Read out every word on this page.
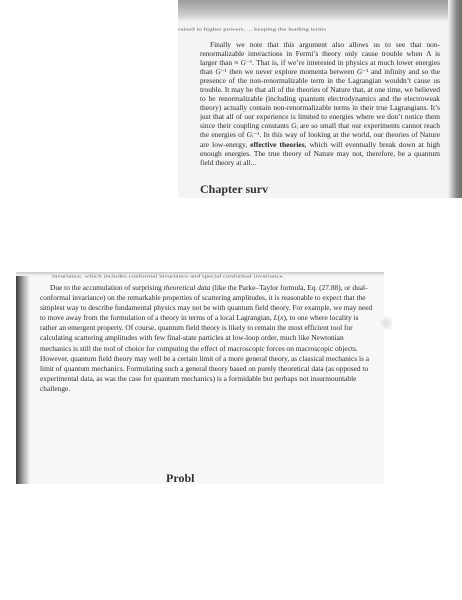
raised to higher powers, ... keeping the leading terms

Finally we note that this argument also allows us to see that non-renormalizable interactions in Fermi’s theory only cause trouble when Λ is larger than ≈ G⁻¹. That is, if we’re interested in physics at much lower energies than G⁻¹ then we never explore momenta between G⁻¹ and infinity and so the presence of the non-renormalizable term in the Lagrangian wouldn’t cause us trouble. It may be that all of the theories of Nature that, at one time, we believed to be renormalizable (including quantum electrodynamics and the electroweak theory) actually contain non-renormalizable terms in their true Lagrangians. It’s just that all of our experience is limited to energies where we don’t notice them since their coupling constants Gᵢ are so small that our experiments cannot reach the energies of Gᵢ⁻¹. In this way of looking at the world, our theories of Nature are low-energy, effective theories, which will eventually break down at high enough energies. The true theory of Nature may not, therefore, be a quantum field theory at all...

Chapter surv
invariance, which includes conformal invariance and special conformal invariance.

Due to the accumulation of surprising theoretical data (like the Parke–Taylor formula, Eq. (27.88), or dual-conformal invariance) on the remarkable properties of scattering amplitudes, it is reasonable to expect that the simplest way to describe fundamental physics may not be with quantum field theory. For example, we may need to move away from the formulation of a theory in terms of a local Lagrangian, L(x), to one where locality is rather an emergent property. Of course, quantum field theory is likely to remain the most efficient tool for calculating scattering amplitudes with few final-state particles at low-loop order, much like Newtonian mechanics is still the tool of choice for computing the effect of macroscopic forces on macroscopic objects. However, quantum field theory may well be a certain limit of a more general theory, as classical mechanics is a limit of quantum mechanics. Formulating such a general theory based on purely theoretical data (as opposed to experimental data, as was the case for quantum mechanics) is a formidable but perhaps not insurmountable challenge.

Probl
